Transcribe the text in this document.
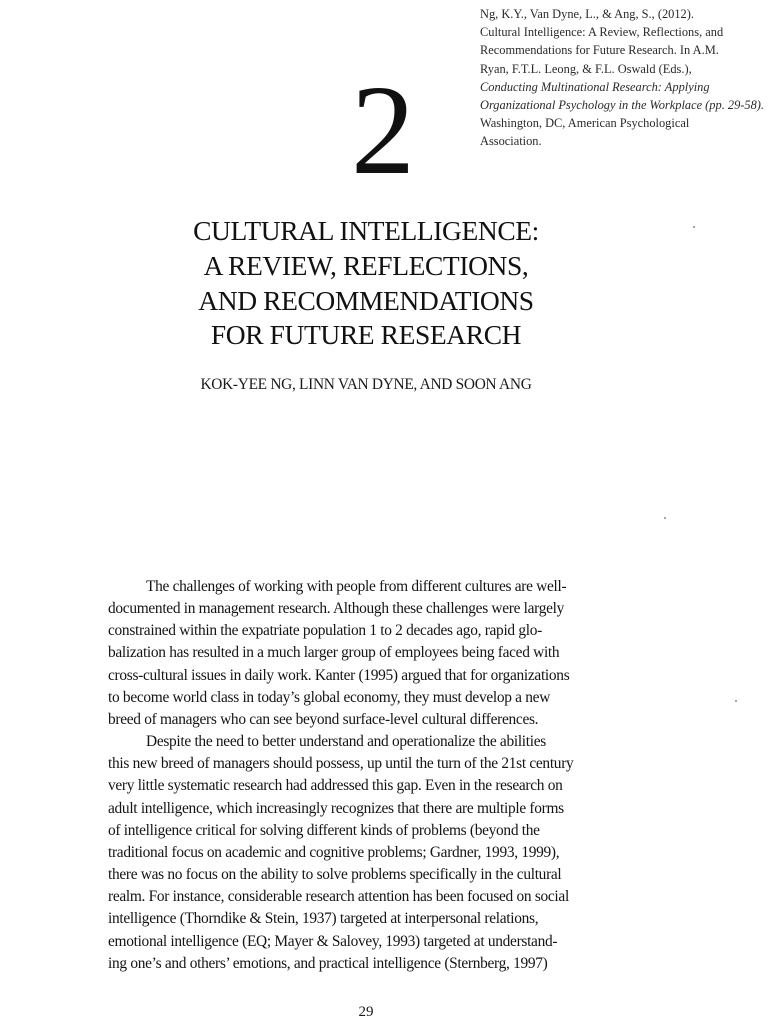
Ng, K.Y., Van Dyne, L., & Ang, S., (2012).
Cultural Intelligence: A Review, Reflections, and
Recommendations for Future Research. In A.M.
Ryan, F.T.L. Leong, & F.L. Oswald (Eds.),
Conducting Multinational Research: Applying
Organizational Psychology in the Workplace (pp. 29-58).
Washington, DC, American Psychological
Association.
2
CULTURAL INTELLIGENCE:
A REVIEW, REFLECTIONS,
AND RECOMMENDATIONS
FOR FUTURE RESEARCH
KOK-YEE NG, LINN VAN DYNE, AND SOON ANG
The challenges of working with people from different cultures are well-
documented in management research. Although these challenges were largely
constrained within the expatriate population 1 to 2 decades ago, rapid glo-
balization has resulted in a much larger group of employees being faced with
cross-cultural issues in daily work. Kanter (1995) argued that for organizations
to become world class in today’s global economy, they must develop a new
breed of managers who can see beyond surface-level cultural differences.
Despite the need to better understand and operationalize the abilities
this new breed of managers should possess, up until the turn of the 21st century
very little systematic research had addressed this gap. Even in the research on
adult intelligence, which increasingly recognizes that there are multiple forms
of intelligence critical for solving different kinds of problems (beyond the
traditional focus on academic and cognitive problems; Gardner, 1993, 1999),
there was no focus on the ability to solve problems specifically in the cultural
realm. For instance, considerable research attention has been focused on social
intelligence (Thorndike & Stein, 1937) targeted at interpersonal relations,
emotional intelligence (EQ; Mayer & Salovey, 1993) targeted at understand-
ing one’s and others’ emotions, and practical intelligence (Sternberg, 1997)
29
